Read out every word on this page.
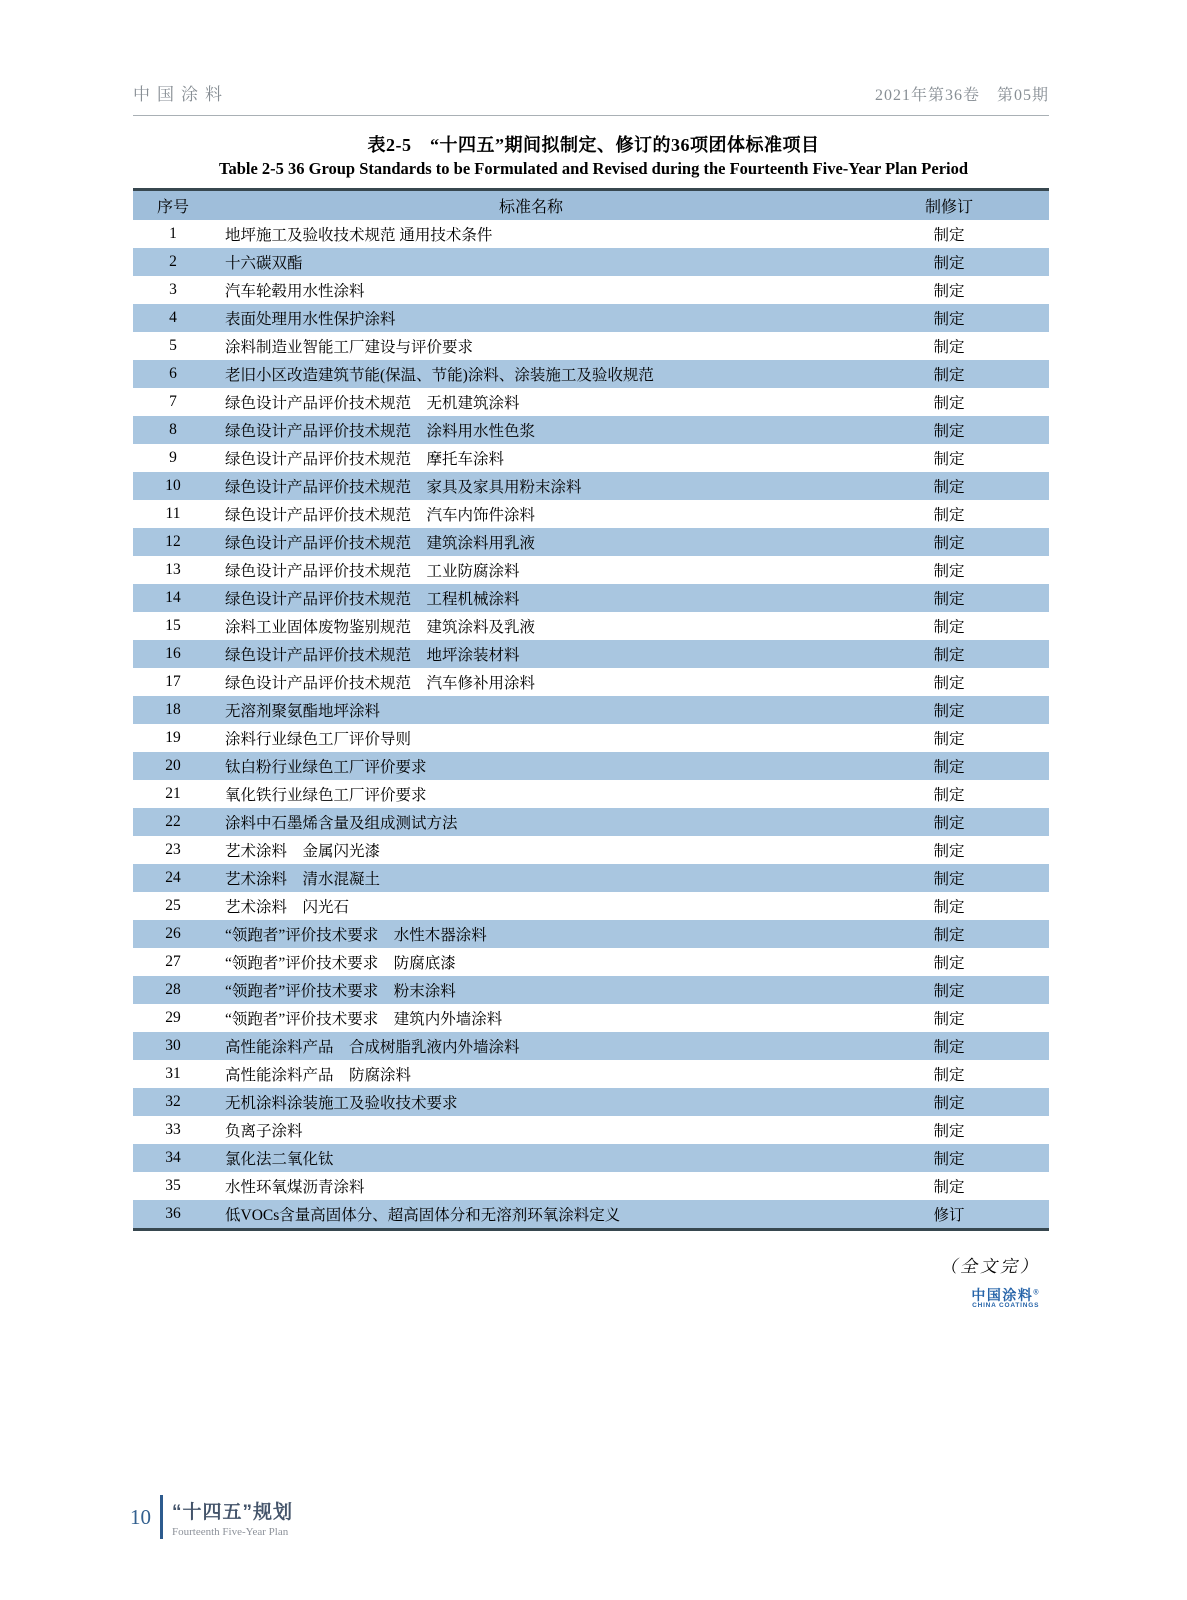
中国涂料	2021年第36卷　第05期
表2-5　“十四五”期间拟制定、修订的36项团体标准项目
Table 2-5 36 Group Standards to be Formulated and Revised during the Fourteenth Five-Year Plan Period
序号	标准名称	制修订
1	地坪施工及验收技术规范 通用技术条件	制定
2	十六碳双酯	制定
3	汽车轮毂用水性涂料	制定
4	表面处理用水性保护涂料	制定
5	涂料制造业智能工厂建设与评价要求	制定
6	老旧小区改造建筑节能(保温、节能)涂料、涂装施工及验收规范	制定
7	绿色设计产品评价技术规范　无机建筑涂料	制定
8	绿色设计产品评价技术规范　涂料用水性色浆	制定
9	绿色设计产品评价技术规范　摩托车涂料	制定
10	绿色设计产品评价技术规范　家具及家具用粉末涂料	制定
11	绿色设计产品评价技术规范　汽车内饰件涂料	制定
12	绿色设计产品评价技术规范　建筑涂料用乳液	制定
13	绿色设计产品评价技术规范　工业防腐涂料	制定
14	绿色设计产品评价技术规范　工程机械涂料	制定
15	涂料工业固体废物鉴别规范　建筑涂料及乳液	制定
16	绿色设计产品评价技术规范　地坪涂装材料	制定
17	绿色设计产品评价技术规范　汽车修补用涂料	制定
18	无溶剂聚氨酯地坪涂料	制定
19	涂料行业绿色工厂评价导则	制定
20	钛白粉行业绿色工厂评价要求	制定
21	氧化铁行业绿色工厂评价要求	制定
22	涂料中石墨烯含量及组成测试方法	制定
23	艺术涂料　金属闪光漆	制定
24	艺术涂料　清水混凝土	制定
25	艺术涂料　闪光石	制定
26	“领跑者”评价技术要求　水性木器涂料	制定
27	“领跑者”评价技术要求　防腐底漆	制定
28	“领跑者”评价技术要求　粉末涂料	制定
29	“领跑者”评价技术要求　建筑内外墙涂料	制定
30	高性能涂料产品　合成树脂乳液内外墙涂料	制定
31	高性能涂料产品　防腐涂料	制定
32	无机涂料涂装施工及验收技术要求	制定
33	负离子涂料	制定
34	氯化法二氧化钛	制定
35	水性环氧煤沥青涂料	制定
36	低VOCs含量高固体分、超高固体分和无溶剂环氧涂料定义	修订
（全文完）
中国涂料®
CHINA COATINGS
10 “十四五”规划
Fourteenth Five-Year Plan
